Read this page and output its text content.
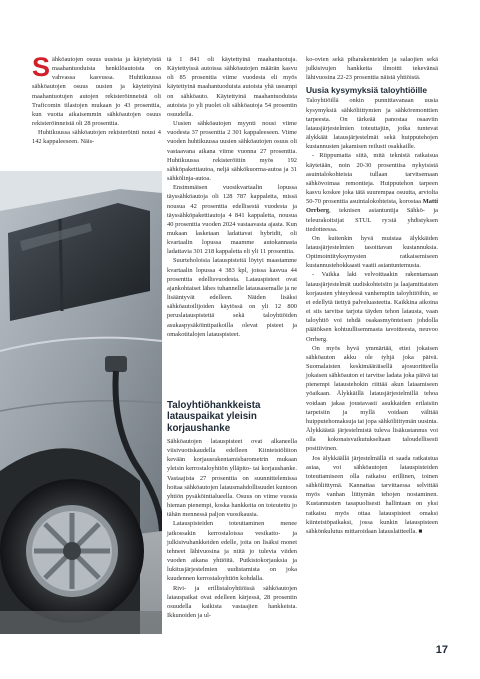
Sähköautojen osuus uusista ja käytetyistä maahantuoduista henkilöautoista on vahvassa kasvussa. Huhtikuussa sähköautojen osuus uusien ja käytettyinä maahantuotujen autojen rekisteröinneistä oli Traficomin tilastojen mukaan jo 43 prosenttia, kun vuotta aikaisemmin sähköautojen osuus rekisteröinneistä oli 28 prosenttia.

Huhtikuussa sähköautojen rekisteröinti nousi 4 142 kappaleeseen. Näis-

tä 1 841 oli käytettyinä maahantuotuja. Käytettyissä autoissa sähköautojen määrän kasvu oli 85 prosenttia viime vuodesta eli myös käytettyinä maahantuoduista autoista yhä useampi on sähköauto. Käytettyinä maahantuoduista autoista jo yli puolet oli sähköautoja 54 prosentin osuudella.

Uusien sähköautojen myynti nousi viime vuodesta 37 prosenttia 2 301 kappaleeseen. Viime vuoden huhtikuussa uusien sähköautojen osuus oli vastaavana aikana viime vuonna 27 prosenttia. Huhtikuussa rekisteröitiin myös 192 sähköpakettiautoa, neljä sähkökuorma-autoa ja 31 sähkölinja-autoa.

Ensimmäisen vuosikvartaalin lopussa täyssähköautoja oli 128 787 kappaletta, missä nousua 42 prosenttia edellisestä vuodesta ja täyssähköpakettiautoja 4 841 kappaletta, nousua 40 prosenttia vuoden 2024 vastaavasta ajasta. Kun mukaan lasketaan ladattavat hybridit, oli kvartaalin lopussa maamme autokannasta ladattavia 301 218 kappaletta eli yli 11 prosenttia.

Suurteholoisia latauspisteitä löytyi maastamme kvartaalin lopussa 4 383 kpl, joissa kasvua 44 prosenttia edellisvuodesta. Latauspisteet ovat ajankohtaiset lähes tuhannelle latausasemalle ja ne lisääntyvät edelleen. Näiden lisäksi sähköautoilijoiden käytössä on yli 12 800 peruslatauspistettä sekä taloyhtiöiden asukaspysäköintipaikoilla olevat pisteet ja omakotitalojen latauspisteet.

Taloyhtiöhankkeista latauspaikat yleisin korjaushanke

Sähköautojen latauspisteet ovat alkaneella viisivuotiskaudella edelleen Kiinteistöliiton kevään korjausrakentamisbarometrin mukaan yleisin kerrostaloyhtiön ylläpito- tai korjaushanke. Vastaajista 27 prosenttia on suunnittelemissa hoitaa sähköautojen latausmahdollisuudet kuntoon yhtiön pysäköintialueella. Osuus on viime vuosia hieman pienempi, koska hankkeita on toteutettu jo tähän mennessä paljon vuosikausia.

Latauspisteiden toteuttaminen menee jatkossakin kerrostaloissa vesikatto- ja julkisivuhankkeiden edelle, joita on lisäksi monet tehneet lähivuosina ja niitä jo tulevia viiden vuoden aikana yhtiöitä. Putkistokorjauksia ja lukitusjärjestelmien uudistamista on joka kuudennen kerrostaloyhtiön kohdalla.

Rivi- ja erillistaloyhtiöissä sähköautojen latauspaikat ovat edelleen kärjessä, 28 prosentin osuudella kaikista vastaajien hankkeista. Ikkunoiden ja ul-

ko-ovien sekä piharakenteiden ja salaojien sekä julkisivujen hankkeita ilmoitti tekevänsä lähivuosina 22-23 prosenttia näistä yhtiöistä.

Uusia kysymyksiä taloyhtiöille

Taloyhtiöillä onkin punnittavanaan uusia kysymyksiä sähköliittymien ja sähköremonttien tarpeesta. On tärkeää panostaa osaaviin latausjärjestelmien toteuttajiin, jotka tuntevat älykkäät latausjärjestelmät sekä huipputehojen kustannusten jakamisen reilusti osakkaille.

- Riippumatta siitä, mitä teknistä ratkaisua käytetään, noin 20-30 prosenttisa nykyisistä asuintalokohteista tullaan tarvitsemaan sähkövoimaa remontteja. Huipputehon tarpeen kasvu koskee joka tätä suurempaa osuutta, arviolta 50-70 prosenttia asuintalokohteista, korostaa Matti Orrberg, teknisen asiantuntija Sähkö- ja teleurakoitsijat STUL ry:stä yhdistyksen tiedotteessa.

On kuitenkin hyvä muistaa älykkäiden latausjärjestelmien tasoittavan kustannuksia. Optimointityksymysten ratkaisemiseen kustannustehokkaasti vaatii asiantuntemusta.

- Vaikka laki velvoittaakin rakentamaan latausjärjestelmät uudiskohteisiin ja laajamittaisten korjausten yhteydessä vanhempiin taloyhtiöihin, se ei edellytä tiettyä palveluasteetta. Kaikkina aikoina ei siis tarvitse tarjota täyden tehon latausta, vaan taloyhtiö voi tehdä osakasmyönteisen johdolla päätöksen kohtuullisemmasta tavoitteesta, neuvoo Orrberg.

On myös hyvä ymmärtää, ettei jokaisen sähköauton akku ole tyhjä joka päivä. Suomalaisten keskimääräisellä ajosuoritteella jokaisen sähköauton ei tarvitse ladata joka päivä tai pienempi lataustehokin riittää akun lataamiseen yöaikaan. Älykkäillä latausjärjestelmillä tehoa voidaan jakaa joustavasti asukkaiden erilaisiin tarpeisiin ja myllä voidaan välttää huipputehomaksuja tai jopa sähköliittymän uusinta. Älykkäästä järjestelmistä tuleva lisäkustannus voi olla kokonaisvaikutukseltaan taloudellisesti positiivinen.

Jos älykkäällä järjestelmällä ei saada ratkaistua asiaa, voi sähköautojen latauspisteiden toteuttamiseen olla ratkaisu erillinen, toinen sähköliittymä. Kannattaa tarvittaessa selvittää myös vanhan liittymän tehojen nostaminen. Kustannusten tasapuolisesti hallintaan on yksi ratkaisu myös ottaa latauspisteet omaksi kiinteistöpaikaksi, jossa kunkin latauspisteen sähkönkulutus mittaroidaan latauslaitteella. ■

17
